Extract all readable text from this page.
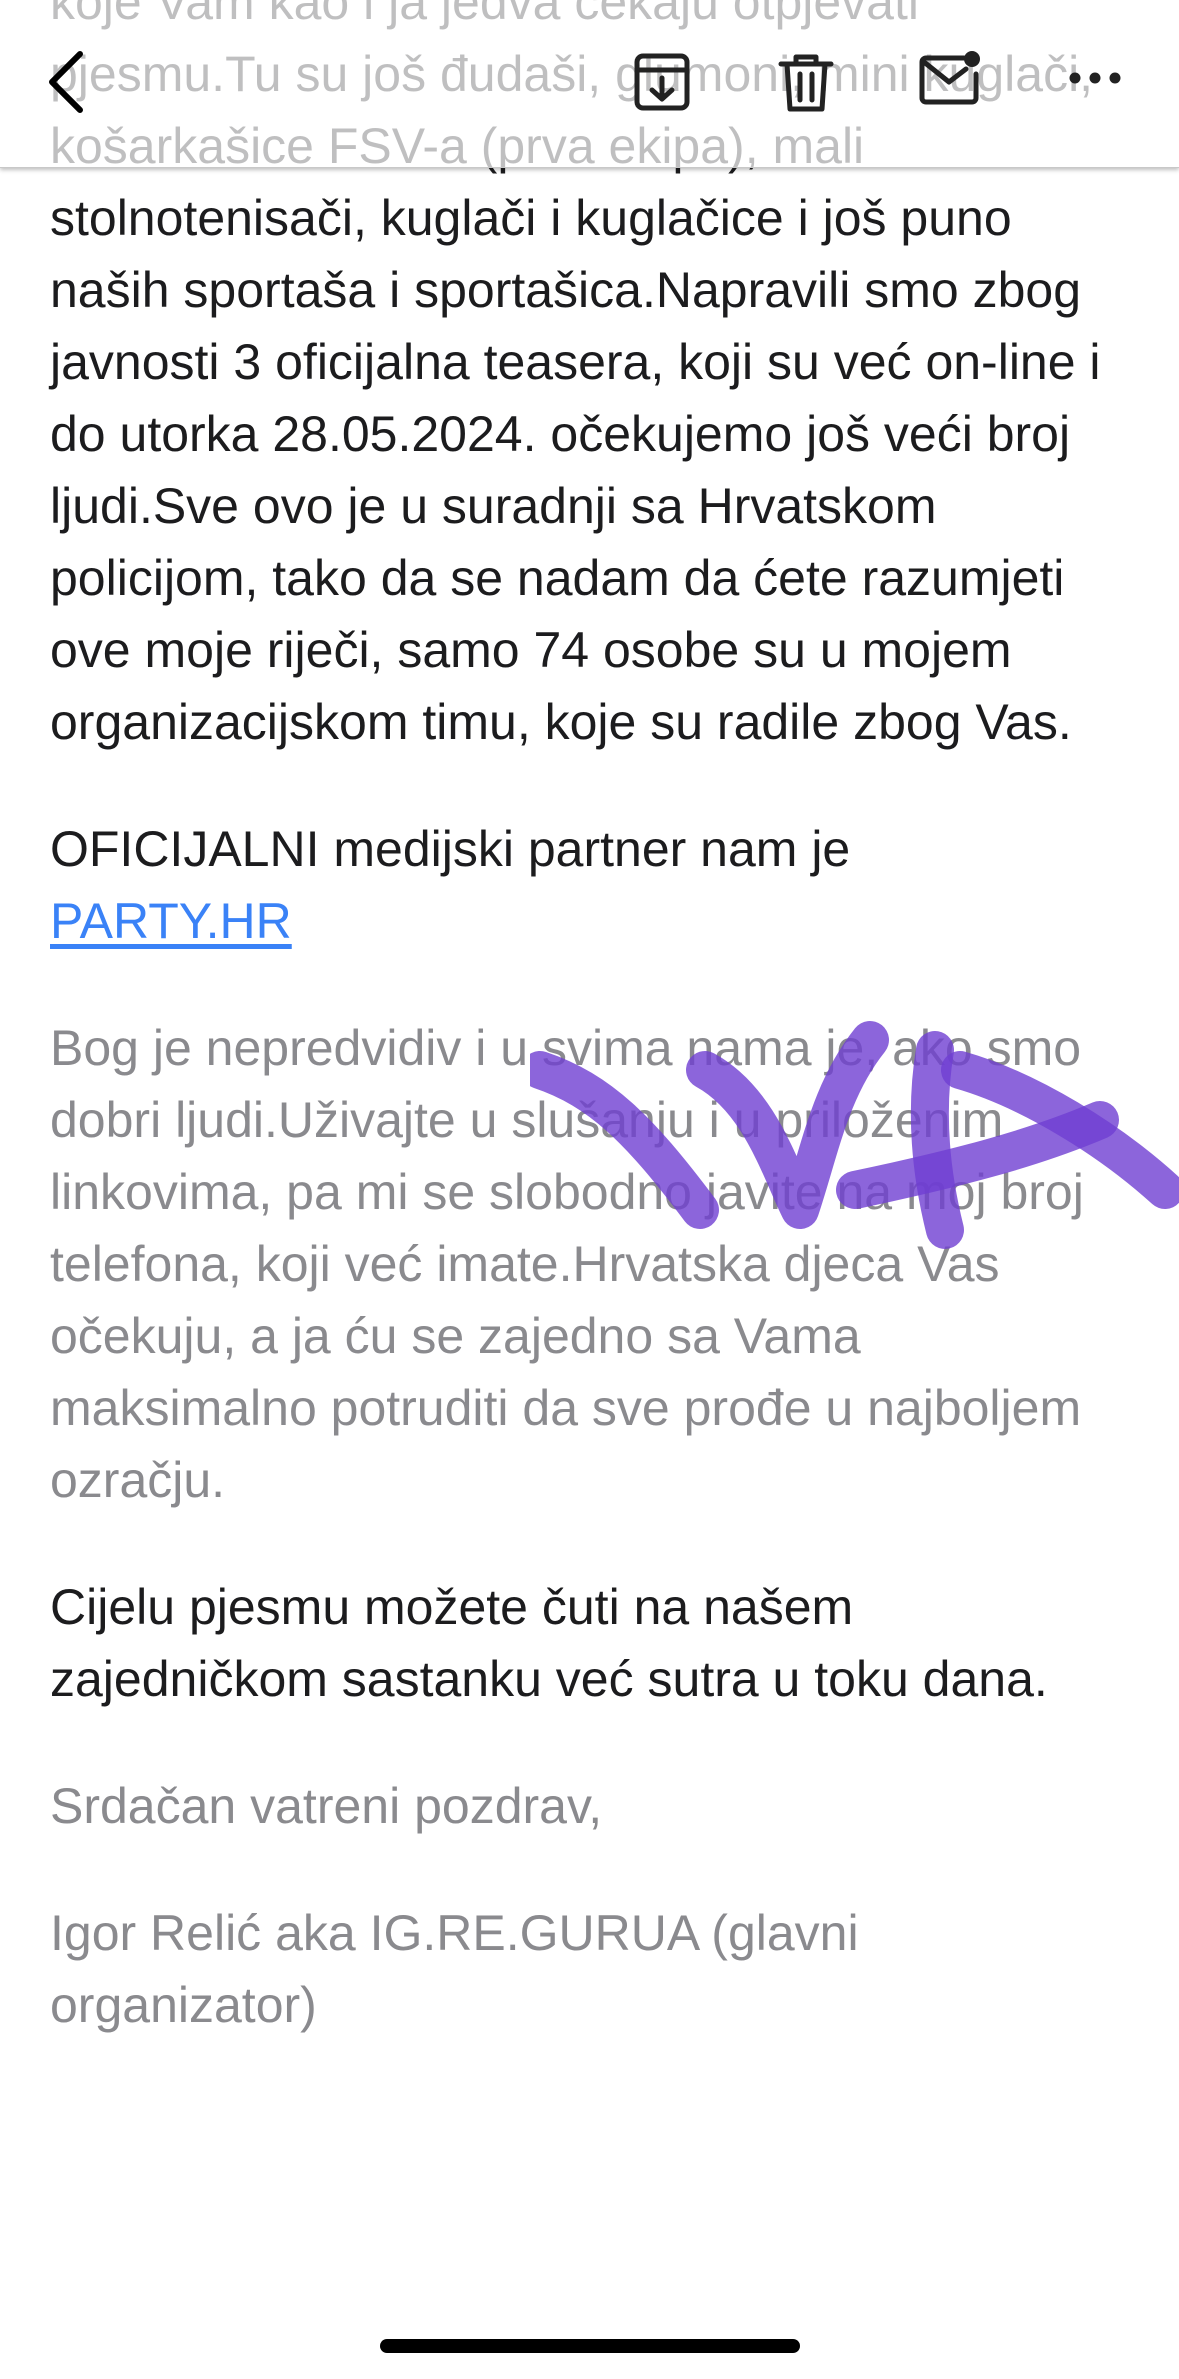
stolnotenisači, kuglači i kuglačice i još puno naših sportaša i sportašica.Napravili smo zbog javnosti 3 oficijalna teasera, koji su već on-line i do utorka 28.05.2024. očekujemo još veći broj ljudi.Sve ovo je u suradnji sa Hrvatskom policijom, tako da se nadam da ćete razumjeti ove moje riječi, samo 74 osobe su u mojem organizacijskom timu, koje su radile zbog Vas.

OFICIJALNI medijski partner nam je
PARTY.HR

Bog je nepredvidiv i u svima nama je, ako smo dobri ljudi.Uživajte u slušanju i u priloženim linkovima, pa mi se slobodno javite na moj broj telefona, koji već imate.Hrvatska djeca Vas očekuju, a ja ću se zajedno sa Vama maksimalno potruditi da sve prođe u najboljem ozračju.

Cijelu pjesmu možete čuti na našem zajedničkom sastanku već sutra u toku dana.

Srdačan vatreni pozdrav,

Igor Relić aka IG.RE.GURUA (glavni organizator)
